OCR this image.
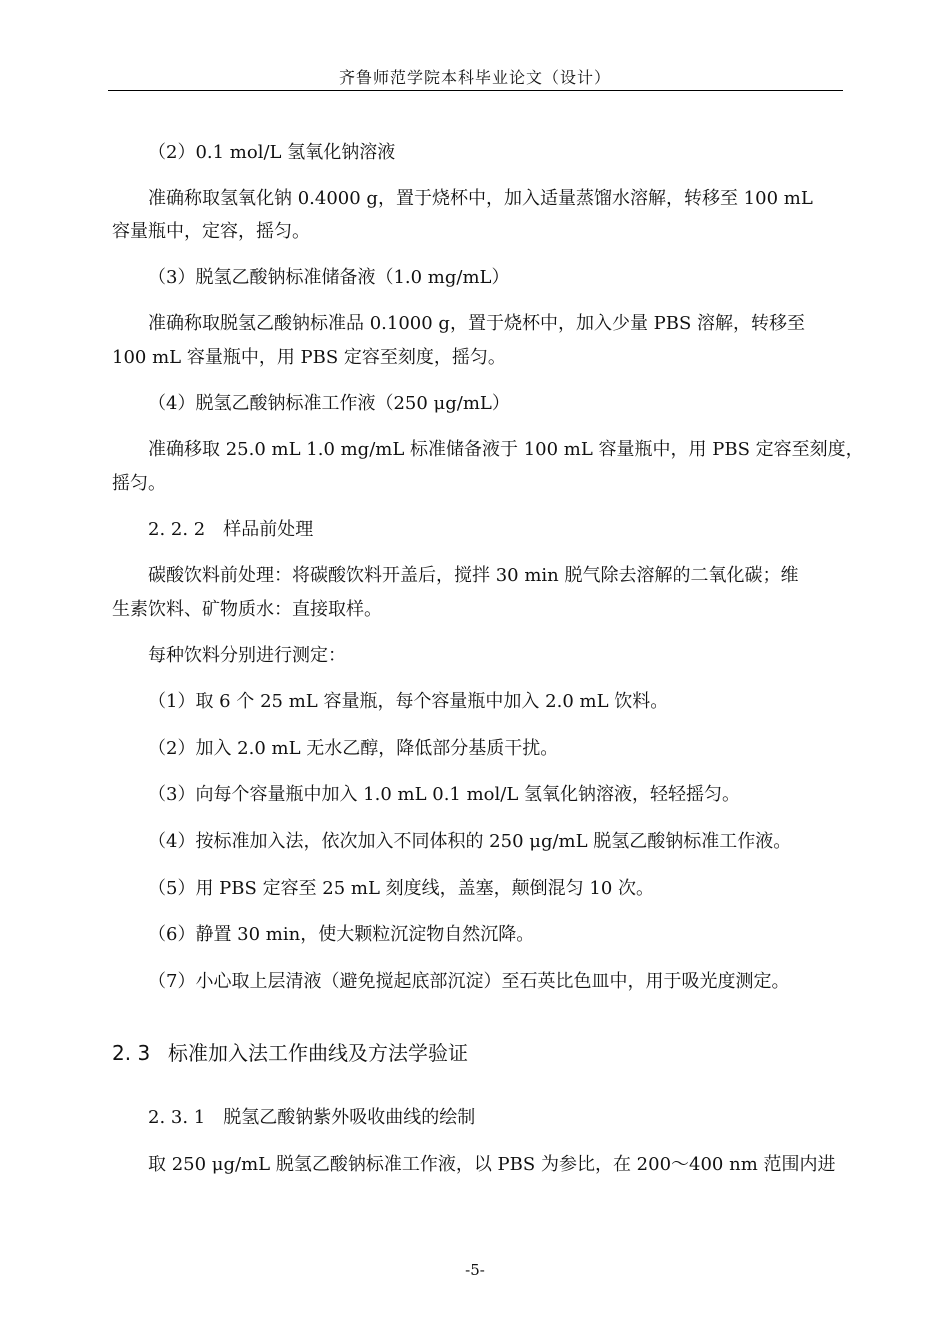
齐鲁师范学院本科毕业论文（设计）
（2）0.1 mol/L 氢氧化钠溶液
准确称取氢氧化钠 0.4000 g，置于烧杯中，加入适量蒸馏水溶解，转移至 100 mL
容量瓶中，定容，摇匀。
（3）脱氢乙酸钠标准储备液（1.0 mg/mL）
准确称取脱氢乙酸钠标准品 0.1000 g，置于烧杯中，加入少量 PBS 溶解，转移至
100 mL 容量瓶中，用 PBS 定容至刻度，摇匀。
（4）脱氢乙酸钠标准工作液（250 μg/mL）
准确移取 25.0 mL 1.0 mg/mL 标准储备液于 100 mL 容量瓶中，用 PBS 定容至刻度，
摇匀。
2. 2. 2　样品前处理
碳酸饮料前处理：将碳酸饮料开盖后，搅拌 30 min 脱气除去溶解的二氧化碳；维
生素饮料、矿物质水：直接取样。
每种饮料分别进行测定：
（1）取 6 个 25 mL 容量瓶，每个容量瓶中加入 2.0 mL 饮料。
（2）加入 2.0 mL 无水乙醇，降低部分基质干扰。
（3）向每个容量瓶中加入 1.0 mL 0.1 mol/L 氢氧化钠溶液，轻轻摇匀。
（4）按标准加入法，依次加入不同体积的 250 μg/mL 脱氢乙酸钠标准工作液。
（5）用 PBS 定容至 25 mL 刻度线，盖塞，颠倒混匀 10 次。
（6）静置 30 min，使大颗粒沉淀物自然沉降。
（7）小心取上层清液（避免搅起底部沉淀）至石英比色皿中，用于吸光度测定。
2. 3 标准加入法工作曲线及方法学验证
2. 3. 1　脱氢乙酸钠紫外吸收曲线的绘制
取 250 μg/mL 脱氢乙酸钠标准工作液，以 PBS 为参比，在 200～400 nm 范围内进
-5-
